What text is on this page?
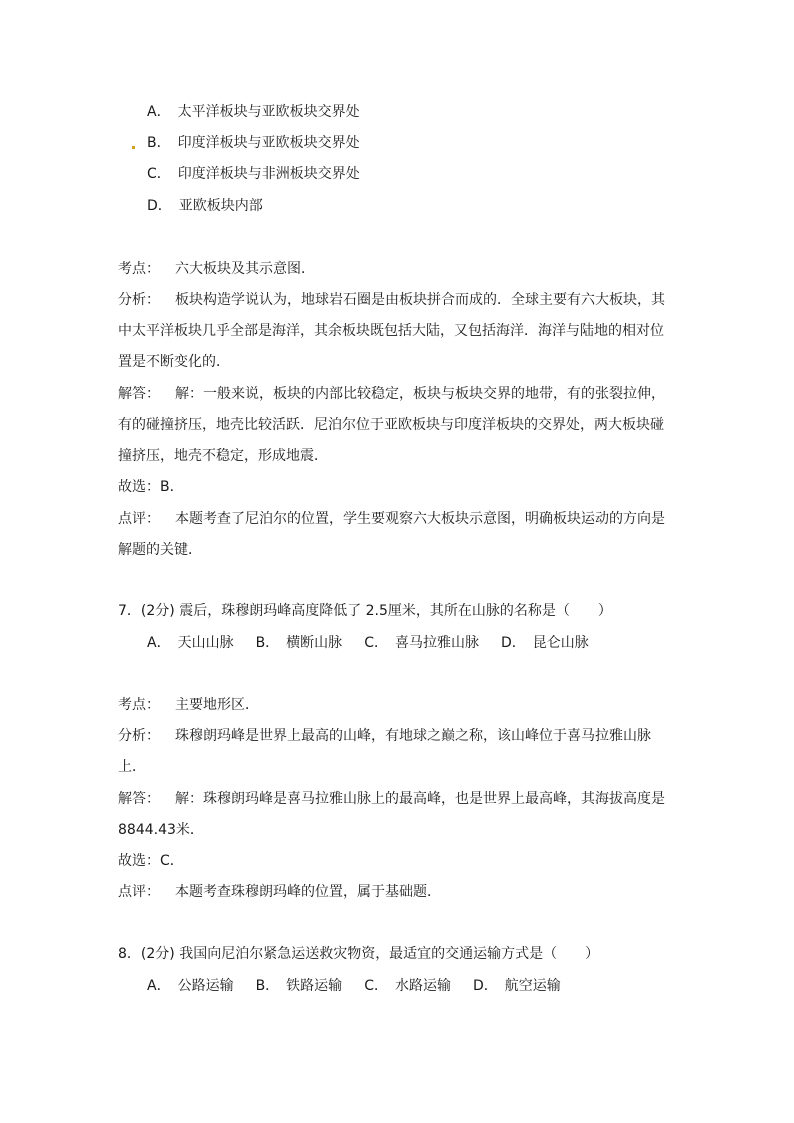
A．　太平洋板块与亚欧板块交界处
B．　印度洋板块与亚欧板块交界处
C．　印度洋板块与非洲板块交界处
D．　亚欧板块内部
考点： 六大板块及其示意图．
分析： 板块构造学说认为，地球岩石圈是由板块拼合而成的．全球主要有六大板块，其
中太平洋板块几乎全部是海洋，其余板块既包括大陆，又包括海洋．海洋与陆地的相对位
置是不断变化的．
解答： 解：一般来说，板块的内部比较稳定，板块与板块交界的地带，有的张裂拉伸，
有的碰撞挤压，地壳比较活跃．尼泊尔位于亚欧板块与印度洋板块的交界处，两大板块碰
撞挤压，地壳不稳定，形成地震．
故选：B．
点评： 本题考查了尼泊尔的位置，学生要观察六大板块示意图，明确板块运动的方向是
解题的关键．
7．(2分) 震后，珠穆朗玛峰高度降低了 2.5厘米，其所在山脉的名称是（　　）
A．　天山山脉 B．　横断山脉 C．　喜马拉雅山脉 D．　昆仑山脉
考点： 主要地形区．
分析： 珠穆朗玛峰是世界上最高的山峰，有地球之巅之称，该山峰位于喜马拉雅山脉
上．
解答： 解：珠穆朗玛峰是喜马拉雅山脉上的最高峰，也是世界上最高峰，其海拔高度是
8844.43米．
故选：C．
点评： 本题考查珠穆朗玛峰的位置，属于基础题．
8．(2分) 我国向尼泊尔紧急运送救灾物资，最适宜的交通运输方式是（　　）
A．　公路运输 B．　铁路运输 C．　水路运输 D．　航空运输
